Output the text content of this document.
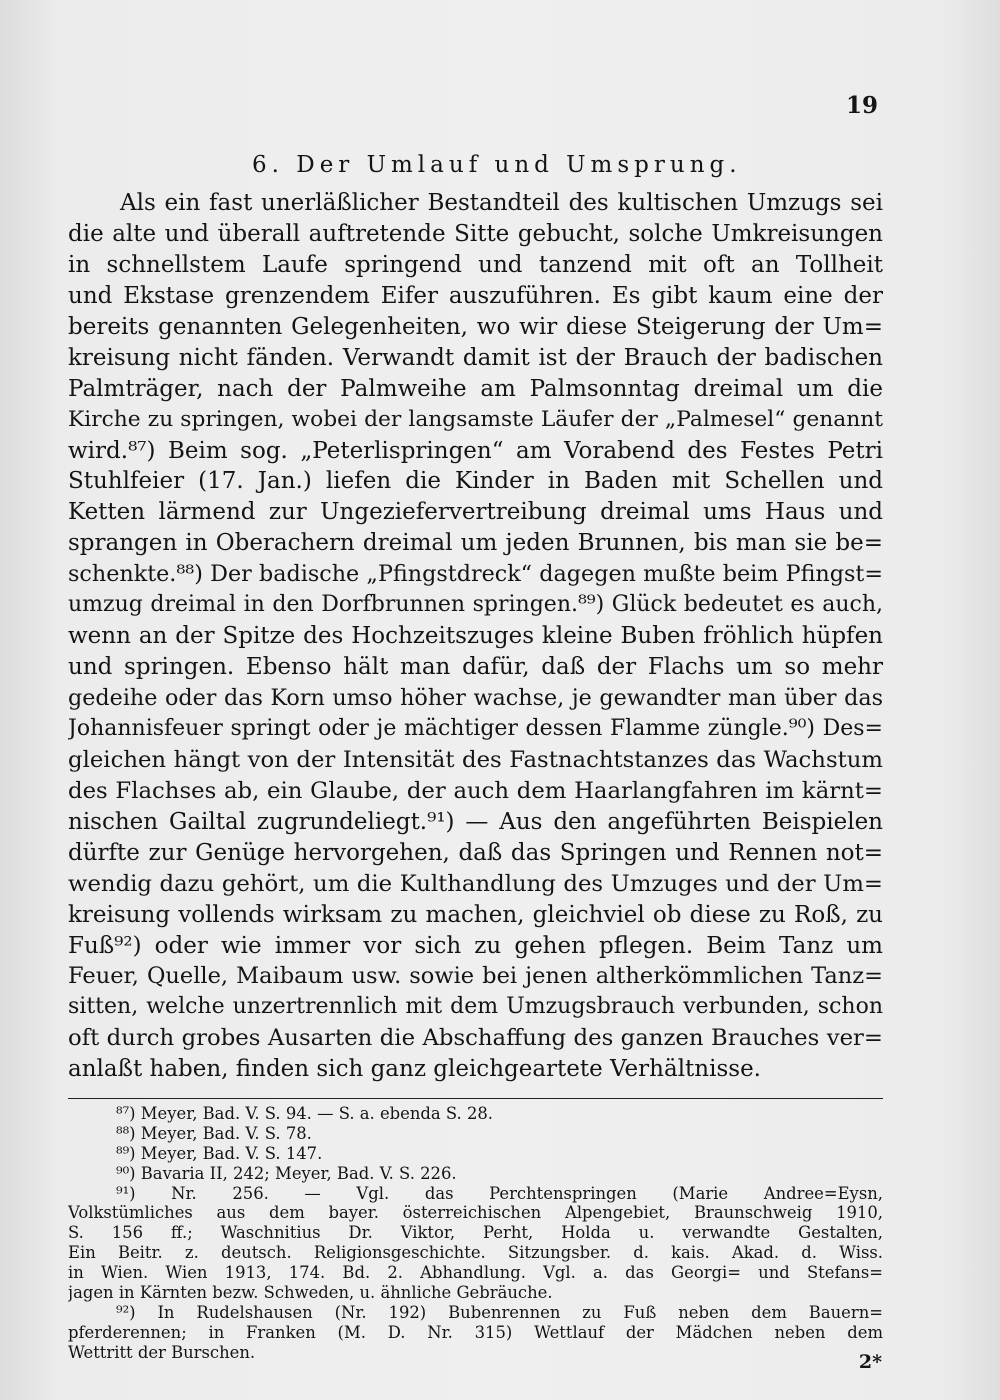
19
6. Der Umlauf und Umsprung.
Als ein fast unerläßlicher Bestandteil des kultischen Umzugs sei
die alte und überall auftretende Sitte gebucht, solche Umkreisungen
in schnellstem Laufe springend und tanzend mit oft an Tollheit
und Ekstase grenzendem Eifer auszuführen. Es gibt kaum eine der
bereits genannten Gelegenheiten, wo wir diese Steigerung der Um=
kreisung nicht fänden. Verwandt damit ist der Brauch der badischen
Palmträger, nach der Palmweihe am Palmsonntag dreimal um die
Kirche zu springen, wobei der langsamste Läufer der „Palmesel“ genannt
wird.⁸⁷) Beim sog. „Peterlispringen“ am Vorabend des Festes Petri
Stuhlfeier (17. Jan.) liefen die Kinder in Baden mit Schellen und
Ketten lärmend zur Ungeziefervertreibung dreimal ums Haus und
sprangen in Oberachern dreimal um jeden Brunnen, bis man sie be=
schenkte.⁸⁸) Der badische „Pfingstdreck“ dagegen mußte beim Pfingst=
umzug dreimal in den Dorfbrunnen springen.⁸⁹) Glück bedeutet es auch,
wenn an der Spitze des Hochzeitszuges kleine Buben fröhlich hüpfen
und springen. Ebenso hält man dafür, daß der Flachs um so mehr
gedeihe oder das Korn umso höher wachse, je gewandter man über das
Johannisfeuer springt oder je mächtiger dessen Flamme züngle.⁹⁰) Des=
gleichen hängt von der Intensität des Fastnachtstanzes das Wachstum
des Flachses ab, ein Glaube, der auch dem Haarlangfahren im kärnt=
nischen Gailtal zugrundeliegt.⁹¹) — Aus den angeführten Beispielen
dürfte zur Genüge hervorgehen, daß das Springen und Rennen not=
wendig dazu gehört, um die Kulthandlung des Umzuges und der Um=
kreisung vollends wirksam zu machen, gleichviel ob diese zu Roß, zu
Fuß⁹²) oder wie immer vor sich zu gehen pflegen. Beim Tanz um
Feuer, Quelle, Maibaum usw. sowie bei jenen altherkömmlichen Tanz=
sitten, welche unzertrennlich mit dem Umzugsbrauch verbunden, schon
oft durch grobes Ausarten die Abschaffung des ganzen Brauches ver=
anlaßt haben, finden sich ganz gleichgeartete Verhältnisse.
⁸⁷) Meyer, Bad. V. S. 94. — S. a. ebenda S. 28.
⁸⁸) Meyer, Bad. V. S. 78.
⁸⁹) Meyer, Bad. V. S. 147.
⁹⁰) Bavaria II, 242; Meyer, Bad. V. S. 226.
⁹¹) Nr. 256. — Vgl. das Perchtenspringen (Marie Andree=Eysn,
Volkstümliches aus dem bayer. österreichischen Alpengebiet, Braunschweig 1910,
S. 156 ff.; Waschnitius Dr. Viktor, Perht, Holda u. verwandte Gestalten,
Ein Beitr. z. deutsch. Religionsgeschichte. Sitzungsber. d. kais. Akad. d. Wiss.
in Wien. Wien 1913, 174. Bd. 2. Abhandlung. Vgl. a. das Georgi= und Stefans=
jagen in Kärnten bezw. Schweden, u. ähnliche Gebräuche.
⁹²) In Rudelshausen (Nr. 192) Bubenrennen zu Fuß neben dem Bauern=
pferderennen; in Franken (M. D. Nr. 315) Wettlauf der Mädchen neben dem
Wettritt der Burschen.	2*
